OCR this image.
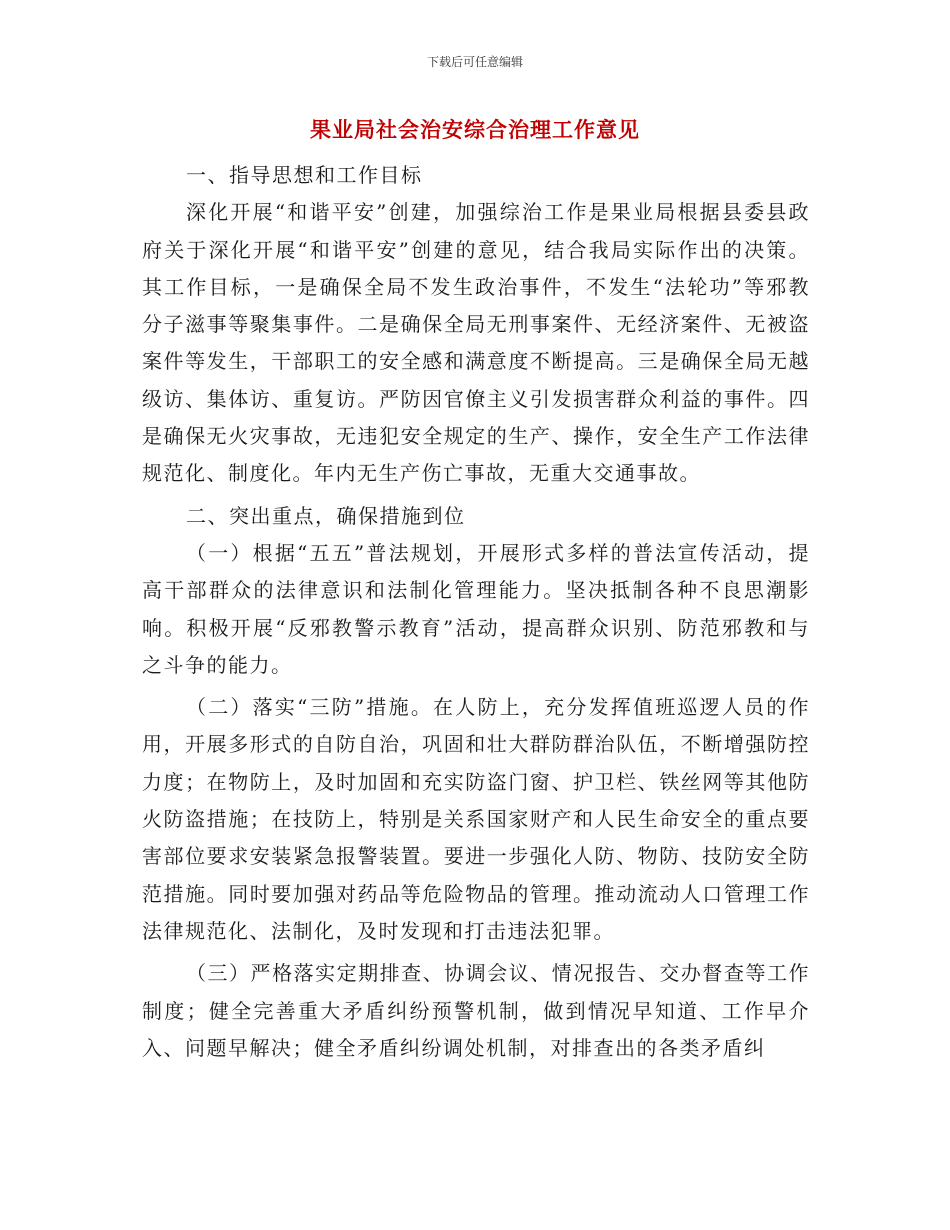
下载后可任意编辑
果业局社会治安综合治理工作意见

一、指导思想和工作目标

深化开展“和谐平安”创建，加强综治工作是果业局根据县委县政府关于深化开展“和谐平安”创建的意见，结合我局实际作出的决策。其工作目标，一是确保全局不发生政治事件，不发生“法轮功”等邪教分子滋事等聚集事件。二是确保全局无刑事案件、无经济案件、无被盗案件等发生，干部职工的安全感和满意度不断提高。三是确保全局无越级访、集体访、重复访。严防因官僚主义引发损害群众利益的事件。四是确保无火灾事故，无违犯安全规定的生产、操作，安全生产工作法律规范化、制度化。年内无生产伤亡事故，无重大交通事故。

二、突出重点，确保措施到位

（一）根据“五五”普法规划，开展形式多样的普法宣传活动，提高干部群众的法律意识和法制化管理能力。坚决抵制各种不良思潮影响。积极开展“反邪教警示教育”活动，提高群众识别、防范邪教和与之斗争的能力。

（二）落实“三防”措施。在人防上，充分发挥值班巡逻人员的作用，开展多形式的自防自治，巩固和壮大群防群治队伍，不断增强防控力度；在物防上，及时加固和充实防盗门窗、护卫栏、铁丝网等其他防火防盗措施；在技防上，特别是关系国家财产和人民生命安全的重点要害部位要求安装紧急报警装置。要进一步强化人防、物防、技防安全防范措施。同时要加强对药品等危险物品的管理。推动流动人口管理工作法律规范化、法制化，及时发现和打击违法犯罪。

（三）严格落实定期排查、协调会议、情况报告、交办督查等工作制度；健全完善重大矛盾纠纷预警机制，做到情况早知道、工作早介入、问题早解决；健全矛盾纠纷调处机制，对排查出的各类矛盾纠
